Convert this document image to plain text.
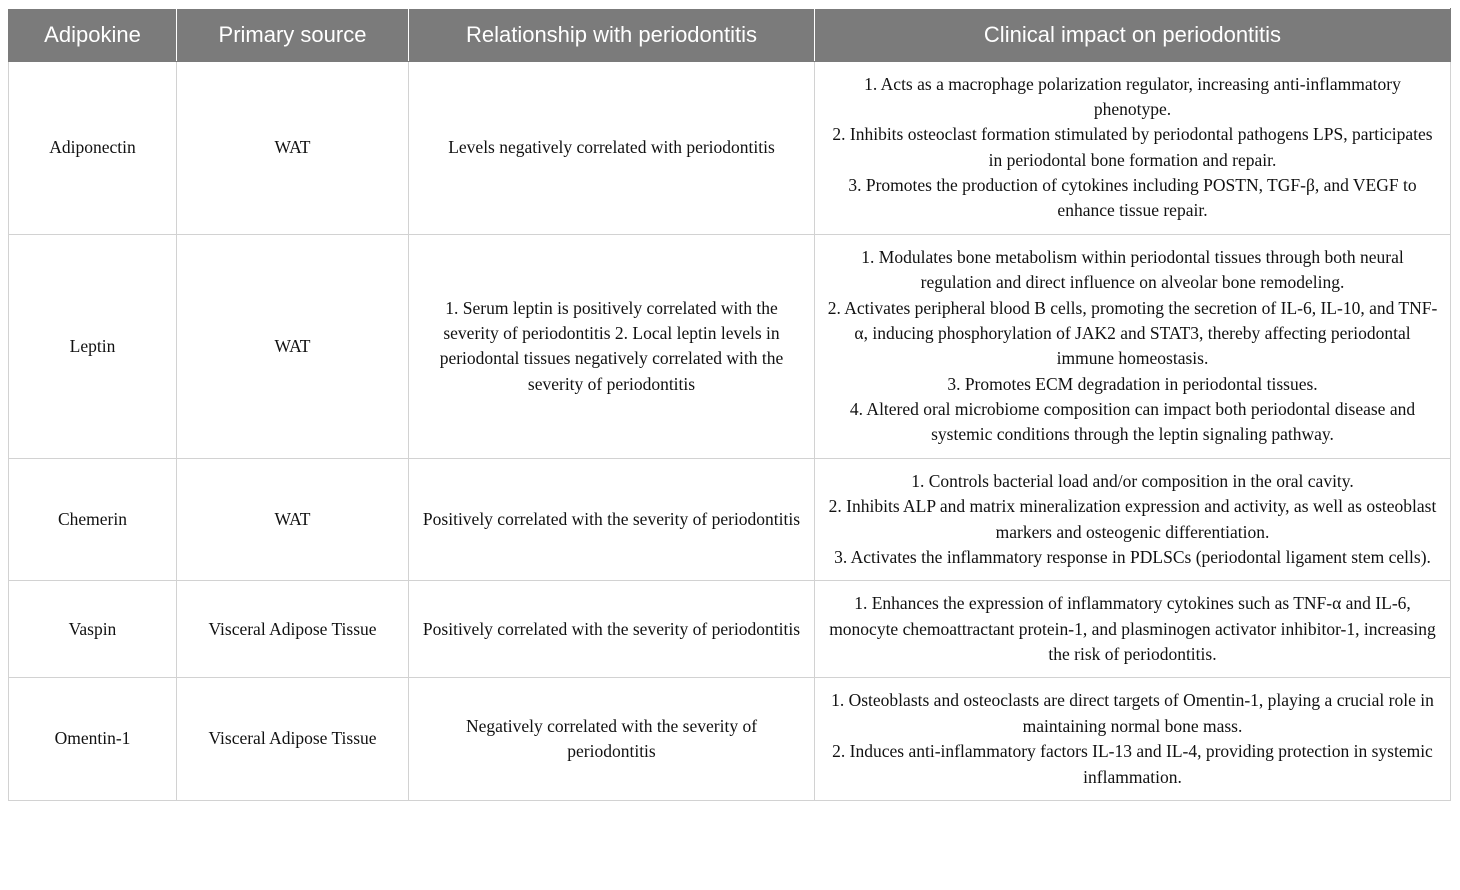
Adipokine	Primary source	Relationship with periodontitis	Clinical impact on periodontitis
Adiponectin	WAT	Levels negatively correlated with periodontitis	1. Acts as a macrophage polarization regulator, increasing anti-inflammatory phenotype.
2. Inhibits osteoclast formation stimulated by periodontal pathogens LPS, participates in periodontal bone formation and repair.
3. Promotes the production of cytokines including POSTN, TGF-β, and VEGF to enhance tissue repair.

Leptin	WAT	1. Serum leptin is positively correlated with the severity of periodontitis 2. Local leptin levels in periodontal tissues negatively correlated with the severity of periodontitis	1. Modulates bone metabolism within periodontal tissues through both neural regulation and direct influence on alveolar bone remodeling.
2. Activates peripheral blood B cells, promoting the secretion of IL-6, IL-10, and TNF-α, inducing phosphorylation of JAK2 and STAT3, thereby affecting periodontal immune homeostasis.
3. Promotes ECM degradation in periodontal tissues.
4. Altered oral microbiome composition can impact both periodontal disease and systemic conditions through the leptin signaling pathway.

Chemerin	WAT	Positively correlated with the severity of periodontitis	1. Controls bacterial load and/or composition in the oral cavity.
2. Inhibits ALP and matrix mineralization expression and activity, as well as osteoblast markers and osteogenic differentiation.
3. Activates the inflammatory response in PDLSCs (periodontal ligament stem cells).

Vaspin	Visceral Adipose Tissue	Positively correlated with the severity of periodontitis	1. Enhances the expression of inflammatory cytokines such as TNF-α and IL-6, monocyte chemoattractant protein-1, and plasminogen activator inhibitor-1, increasing the risk of periodontitis.

Omentin-1	Visceral Adipose Tissue	Negatively correlated with the severity of periodontitis	1. Osteoblasts and osteoclasts are direct targets of Omentin-1, playing a crucial role in maintaining normal bone mass.
2. Induces anti-inflammatory factors IL-13 and IL-4, providing protection in systemic inflammation.
